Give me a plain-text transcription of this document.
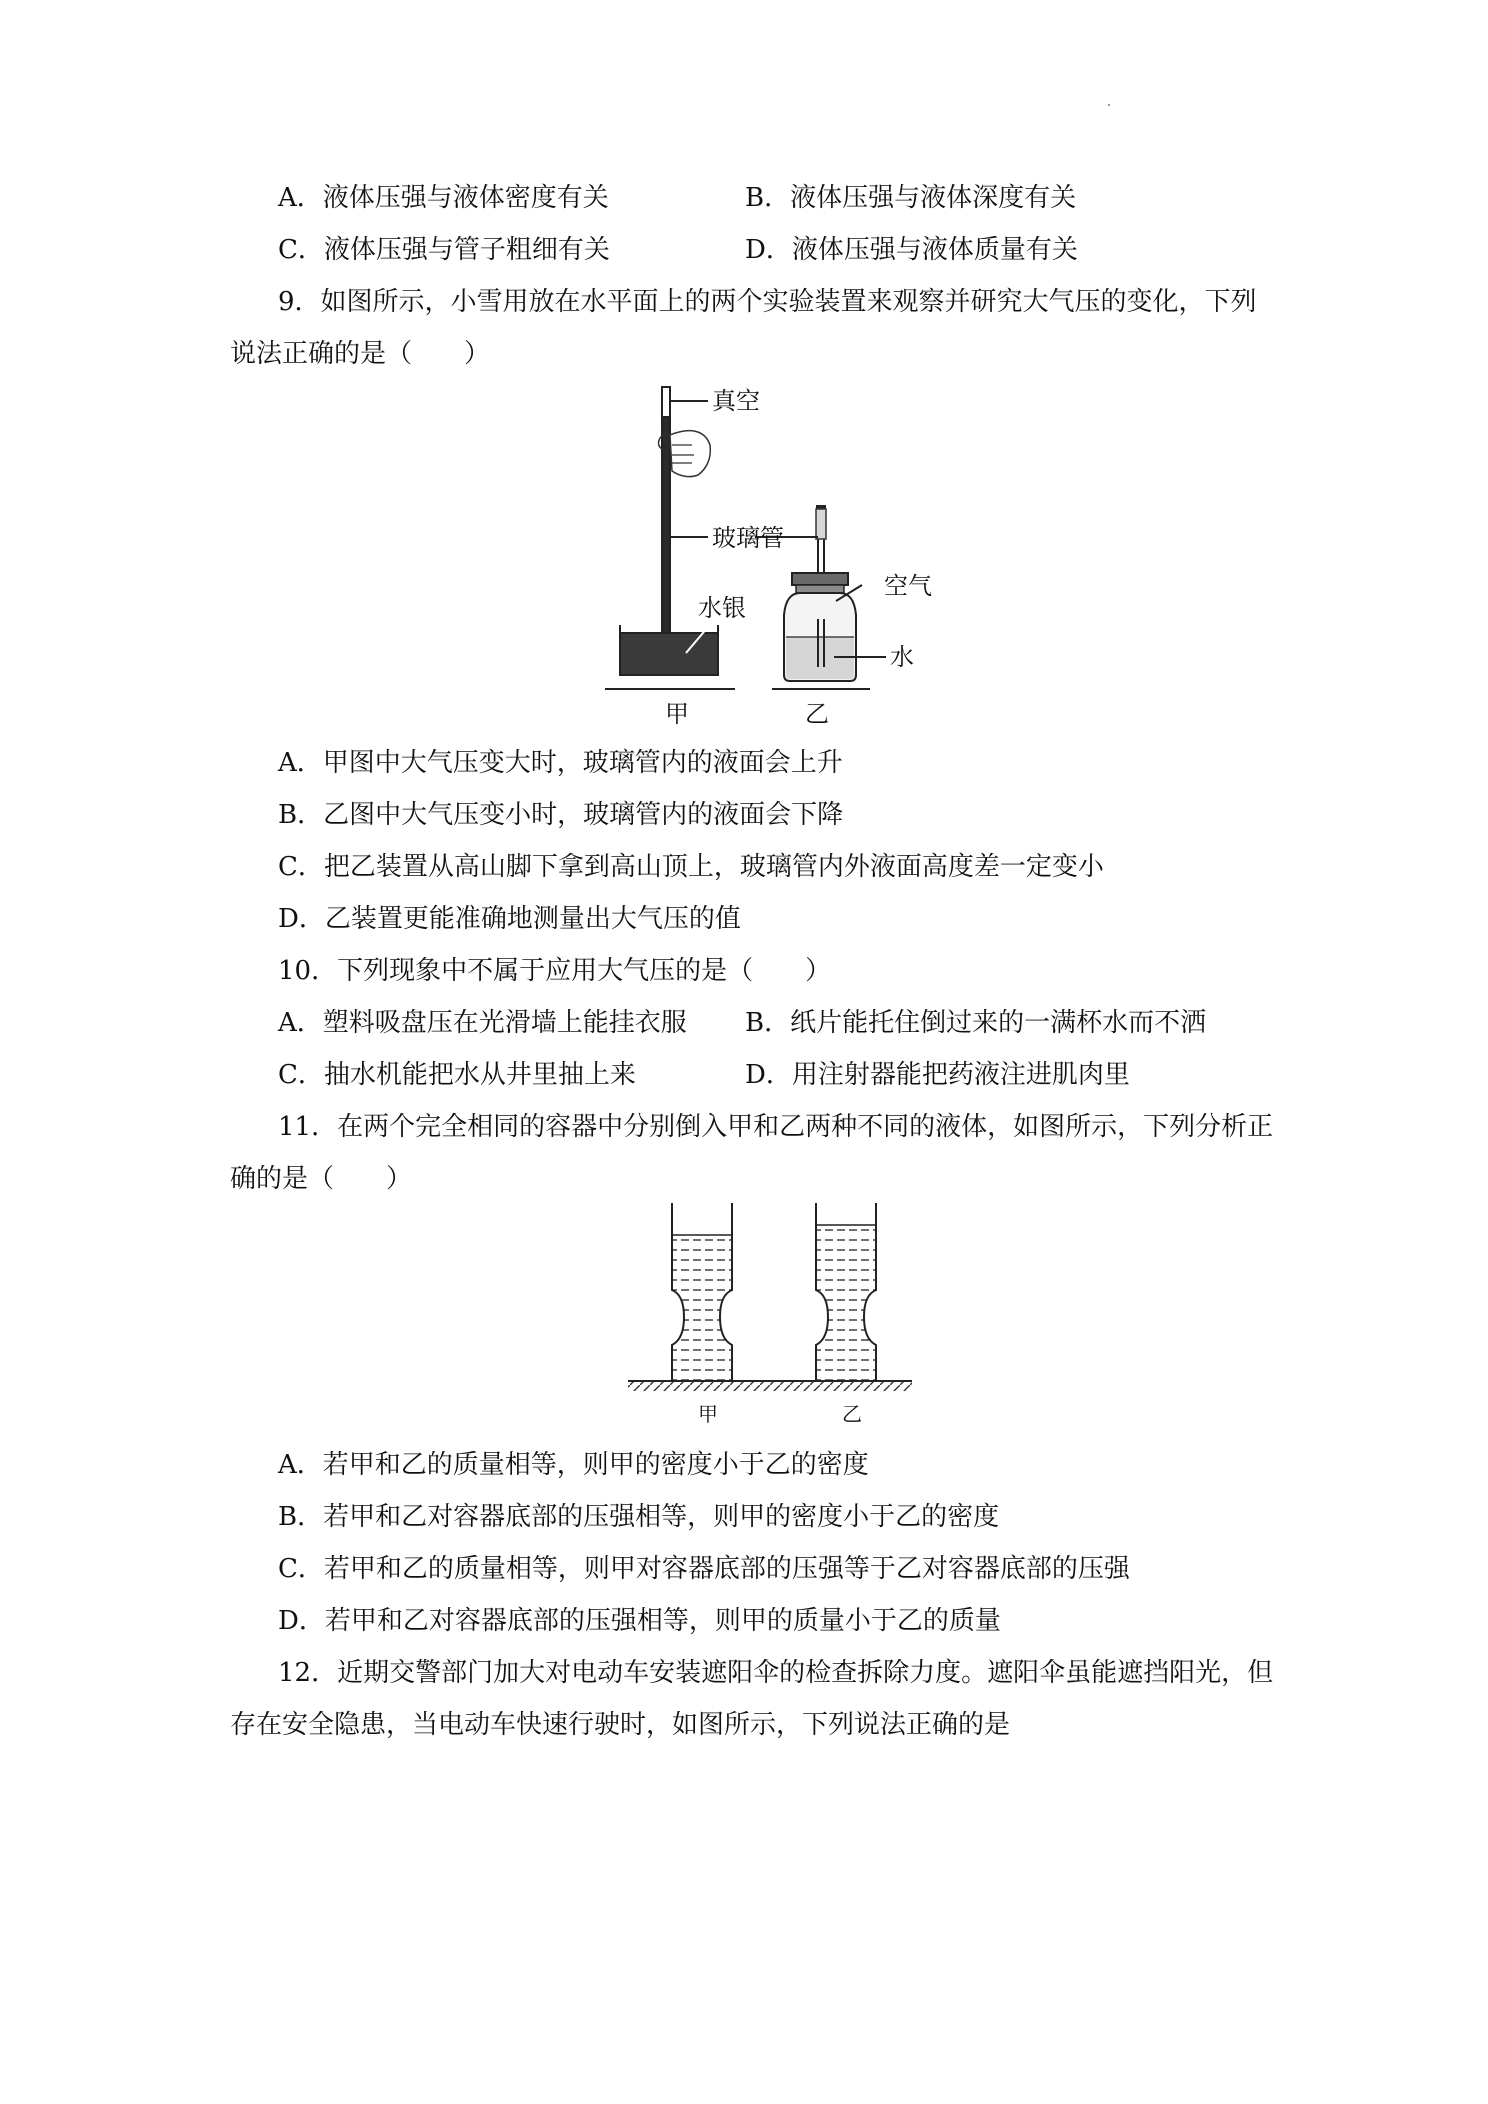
A．液体压强与液体密度有关	B．液体压强与液体深度有关
C．液体压强与管子粗细有关	D．液体压强与液体质量有关
9．如图所示，小雪用放在水平面上的两个实验装置来观察并研究大气压的变化，下列
说法正确的是（　　）
真空
玻璃管
空气
水银
水
甲	乙
A．甲图中大气压变大时，玻璃管内的液面会上升
B．乙图中大气压变小时，玻璃管内的液面会下降
C．把乙装置从高山脚下拿到高山顶上，玻璃管内外液面高度差一定变小
D．乙装置更能准确地测量出大气压的值
10．下列现象中不属于应用大气压的是（　　）
A．塑料吸盘压在光滑墙上能挂衣服 B．纸片能托住倒过来的一满杯水而不洒
C．抽水机能把水从井里抽上来	D．用注射器能把药液注进肌肉里
11．在两个完全相同的容器中分别倒入甲和乙两种不同的液体，如图所示，下列分析正
确的是（　　）
甲	乙
A．若甲和乙的质量相等，则甲的密度小于乙的密度
B．若甲和乙对容器底部的压强相等，则甲的密度小于乙的密度
C．若甲和乙的质量相等，则甲对容器底部的压强等于乙对容器底部的压强
D．若甲和乙对容器底部的压强相等，则甲的质量小于乙的质量
12．近期交警部门加大对电动车安装遮阳伞的检查拆除力度。遮阳伞虽能遮挡阳光，但
存在安全隐患，当电动车快速行驶时，如图所示，下列说法正确的是
